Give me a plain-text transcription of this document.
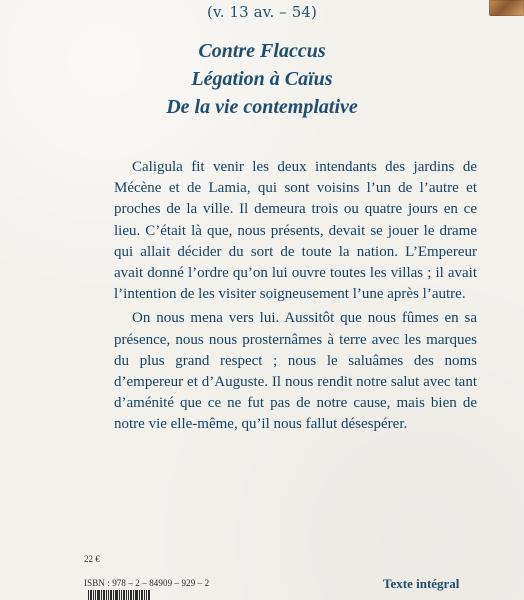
(v. 13 av. – 54)
Contre Flaccus
Légation à Caïus
De la vie contemplative

Caligula fit venir les deux intendants des jardins de Mécène et de Lamia, qui sont voisins l’un de l’autre et proches de la ville. Il demeura trois ou quatre jours en ce lieu. C’était là que, nous présents, devait se jouer le drame qui allait décider du sort de toute la nation. L’Empereur avait donné l’ordre qu’on lui ouvre toutes les villas ; il avait l’intention de les visiter soigneusement l’une après l’autre.

On nous mena vers lui. Aussitôt que nous fûmes en sa présence, nous nous prosternâmes à terre avec les marques du plus grand respect ; nous le saluâmes des noms d’empereur et d’Auguste. Il nous rendit notre salut avec tant d’aménité que ce ne fut pas de notre cause, mais bien de notre vie elle-même, qu’il nous fallut désespérer.

22 €
ISBN : 978 – 2 – 84909 – 929 – 2	Texte intégral
